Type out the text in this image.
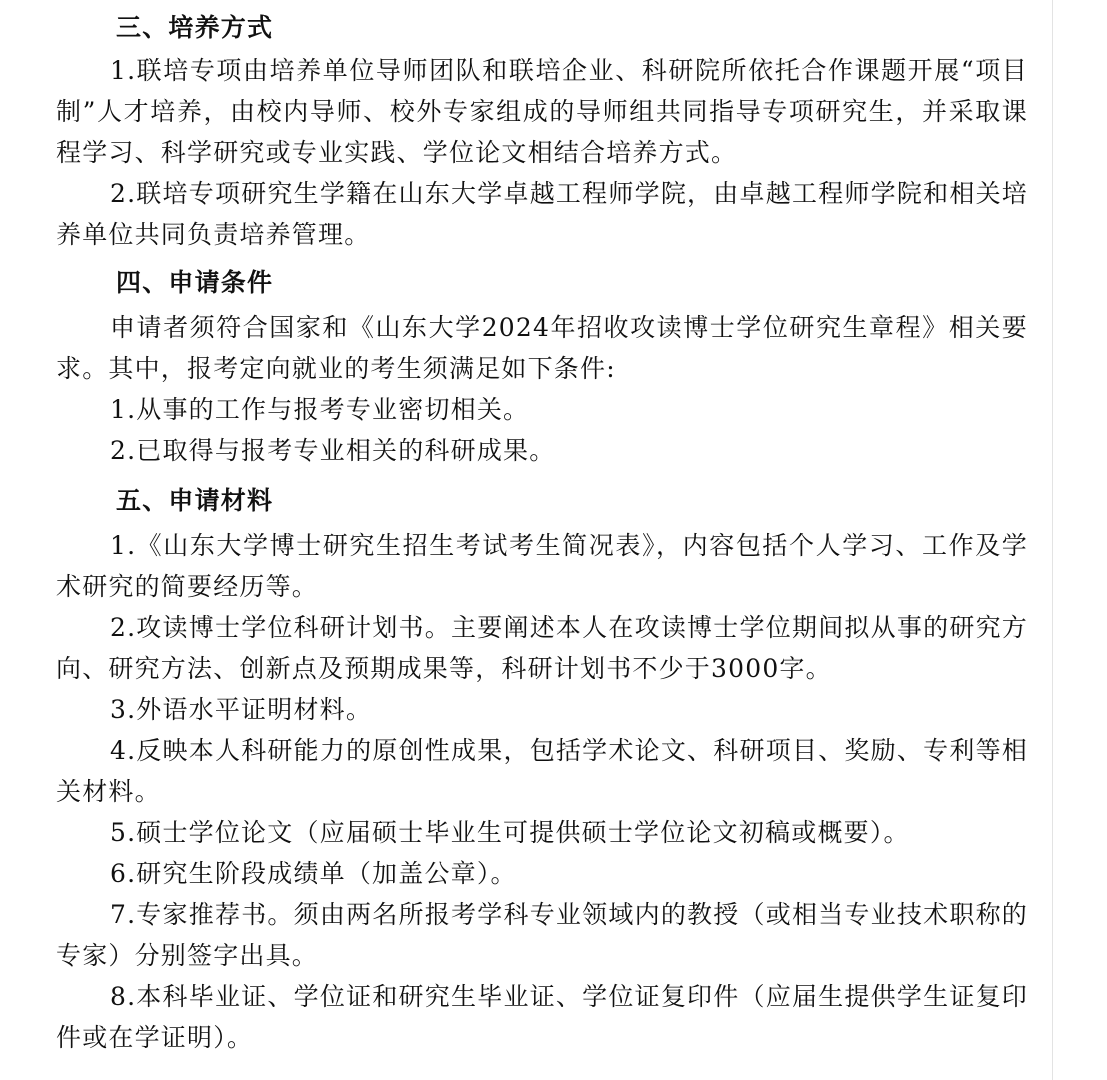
三、培养方式

1.联培专项由培养单位导师团队和联培企业、科研院所依托合作课题开展“项目制”人才培养，由校内导师、校外专家组成的导师组共同指导专项研究生，并采取课程学习、科学研究或专业实践、学位论文相结合培养方式。

2.联培专项研究生学籍在山东大学卓越工程师学院，由卓越工程师学院和相关培养单位共同负责培养管理。

四、申请条件

申请者须符合国家和《山东大学2024年招收攻读博士学位研究生章程》相关要求。其中，报考定向就业的考生须满足如下条件:

1.从事的工作与报考专业密切相关。

2.已取得与报考专业相关的科研成果。

五、申请材料

1.《山东大学博士研究生招生考试考生简况表》，内容包括个人学习、工作及学术研究的简要经历等。

2.攻读博士学位科研计划书。主要阐述本人在攻读博士学位期间拟从事的研究方向、研究方法、创新点及预期成果等，科研计划书不少于3000字。

3.外语水平证明材料。

4.反映本人科研能力的原创性成果，包括学术论文、科研项目、奖励、专利等相关材料。

5.硕士学位论文（应届硕士毕业生可提供硕士学位论文初稿或概要）。

6.研究生阶段成绩单（加盖公章）。

7.专家推荐书。须由两名所报考学科专业领域内的教授（或相当专业技术职称的专家）分别签字出具。

8.本科毕业证、学位证和研究生毕业证、学位证复印件（应届生提供学生证复印件或在学证明）。
